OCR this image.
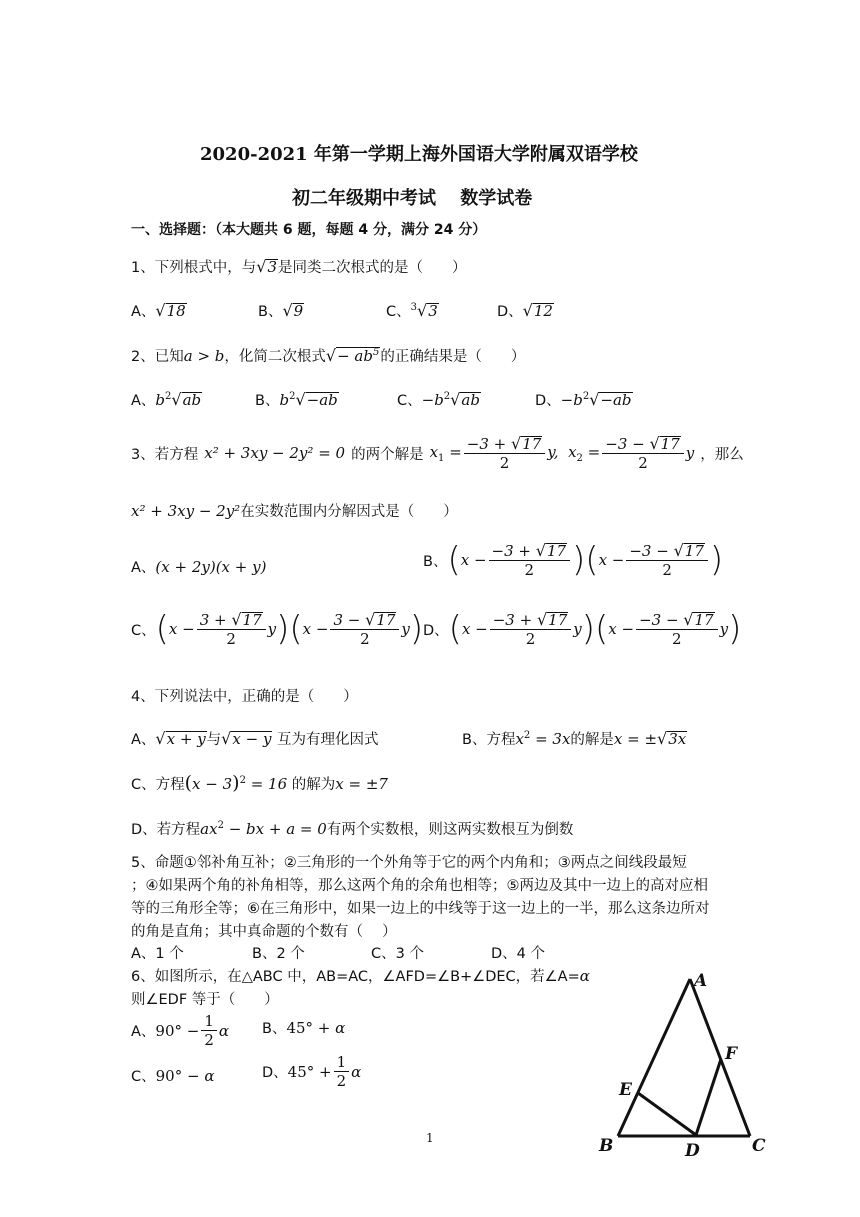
2020-2021 年第一学期上海外国语大学附属双语学校
初二年级期中考试　 数学试卷
一、选择题：（本大题共 6 题，每题 4 分，满分 24 分）
1、下列根式中，与√3是同类二次根式的是（　　）
A、√18	B、√9	C、$^3$√3	D、√12
2、已知a > b，化简二次根式√− $ab^5$的正确结果是（　　）
A、$b^2√ab$	B、$b^2√-ab$	C、$-b^2√ab$	D、$-b^2√-ab$
3、若方程 x² + 3xy − 2y² = 0 的两个解是 $x_1 = \frac{-3 + √17}{2} y$,  $x_2 = \frac{-3 - √17}{2}$ y ，那么
x² + 3xy − 2y²在实数范围内分解因式是（　　）
A、(x + 2y)(x + y)	B、 ( $x - \frac{-3 + √17}{2}$ )( $x - \frac{-3 - √17}{2}$ )
C、 ( $x - \frac{3 + √17}{2}$ y )( $x - \frac{3 - √17}{2}$ y ) D、 ( $x - \frac{-3 + √17}{2}$ y )( $x - \frac{-3 - √17}{2}$ y )
4、下列说法中，正确的是（　　）
A、√x + y与√x − y 互为有理化因式	B、方程$x^2 = 3x$的解是x = ±√3x
C、方程$(x - 3)^2 = 16$ 的解为x = ±7
D、若方程$ax^2$ − bx + a = 0有两个实数根，则这两实数根互为倒数
5、命题①邻补角互补；②三角形的一个外角等于它的两个内角和；③两点之间线段最短
；④如果两个角的补角相等，那么这两个角的余角也相等；⑤两边及其中一边上的高对应相
等的三角形全等；⑥在三角形中，如果一边上的中线等于这一边上的一半，那么这条边所对
的角是直角；其中真命题的个数有（　 ）
A、1 个	B、2 个	C、3 个	D、4 个
6、如图所示，在△ABC 中，AB=AC，∠AFD=∠B+∠DEC，若∠A=α
则∠EDF 等于（　　）
A、 $90^\circ - \frac{1}{2}$ α B、45° + α
C、90° − α	D、 $45^\circ + \frac{1}{2}$ α
A
F
E
B	D	C
1
